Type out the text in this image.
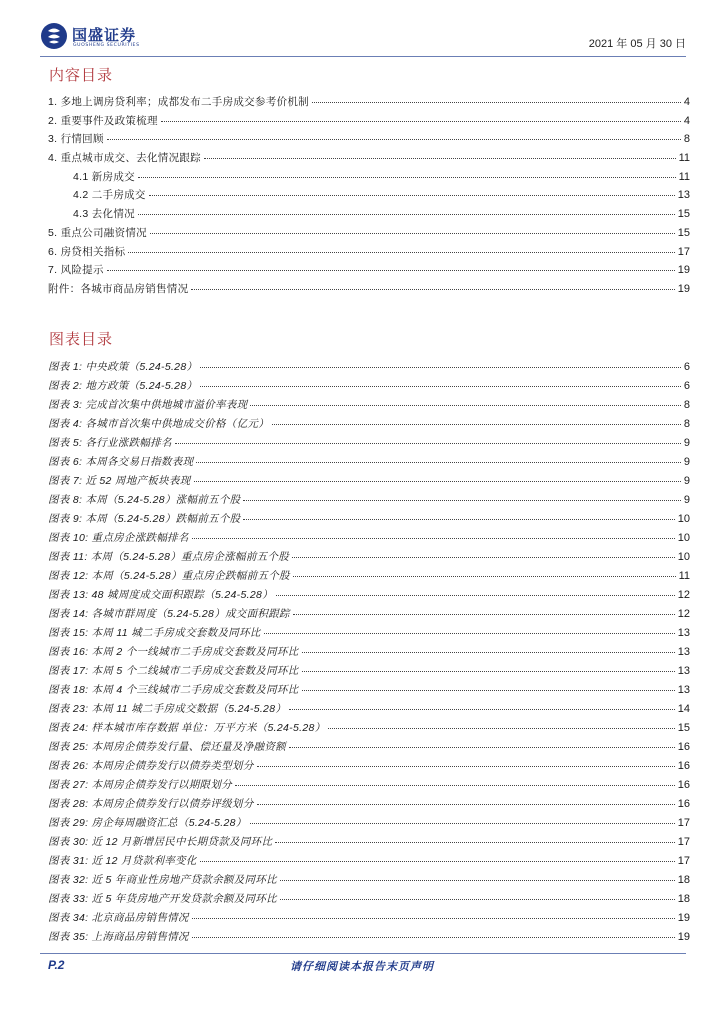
国盛证券
GUOSHENG SECURITIES	2021 年 05 月 30 日
内容目录
1. 多地上调房贷利率；成都发布二手房成交参考价机制	4
2. 重要事件及政策梳理	4
3. 行情回顾	8
4. 重点城市成交、去化情况跟踪	11
4.1 新房成交	11
4.2 二手房成交	13
4.3 去化情况	15
5. 重点公司融资情况	15
6. 房贷相关指标	17
7. 风险提示	19
附件：各城市商品房销售情况	19
图表目录
图表 1: 中央政策（5.24-5.28）	6
图表 2: 地方政策（5.24-5.28）	6
图表 3: 完成首次集中供地城市溢价率表现	8
图表 4: 各城市首次集中供地成交价格（亿元）	8
图表 5: 各行业涨跌幅排名	9
图表 6: 本周各交易日指数表现	9
图表 7: 近 52 周地产板块表现	9
图表 8: 本周（5.24-5.28）涨幅前五个股	9
图表 9: 本周（5.24-5.28）跌幅前五个股	10
图表 10: 重点房企涨跌幅排名	10
图表 11: 本周（5.24-5.28）重点房企涨幅前五个股	10
图表 12: 本周（5.24-5.28）重点房企跌幅前五个股	11
图表 13: 48 城周度成交面积跟踪（5.24-5.28）	12
图表 14: 各城市群周度（5.24-5.28）成交面积跟踪	12
图表 15: 本周 11 城二手房成交套数及同环比	13
图表 16: 本周 2 个一线城市二手房成交套数及同环比	13
图表 17: 本周 5 个二线城市二手房成交套数及同环比	13
图表 18: 本周 4 个三线城市二手房成交套数及同环比	13
图表 23: 本周 11 城二手房成交数据（5.24-5.28）	14
图表 24: 样本城市库存数据 单位：万平方米（5.24-5.28）	15
图表 25: 本周房企债券发行量、偿还量及净融资额	16
图表 26: 本周房企债券发行以债券类型划分	16
图表 27: 本周房企债券发行以期限划分	16
图表 28: 本周房企债券发行以债券评级划分	16
图表 29: 房企每周融资汇总（5.24-5.28）	17
图表 30: 近 12 月新增居民中长期贷款及同环比	17
图表 31: 近 12 月贷款利率变化	17
图表 32: 近 5 年商业性房地产贷款余额及同环比	18
图表 33: 近 5 年货房地产开发贷款余额及同环比	18
图表 34: 北京商品房销售情况	19
图表 35: 上海商品房销售情况	19
P.2	请仔细阅读本报告末页声明
